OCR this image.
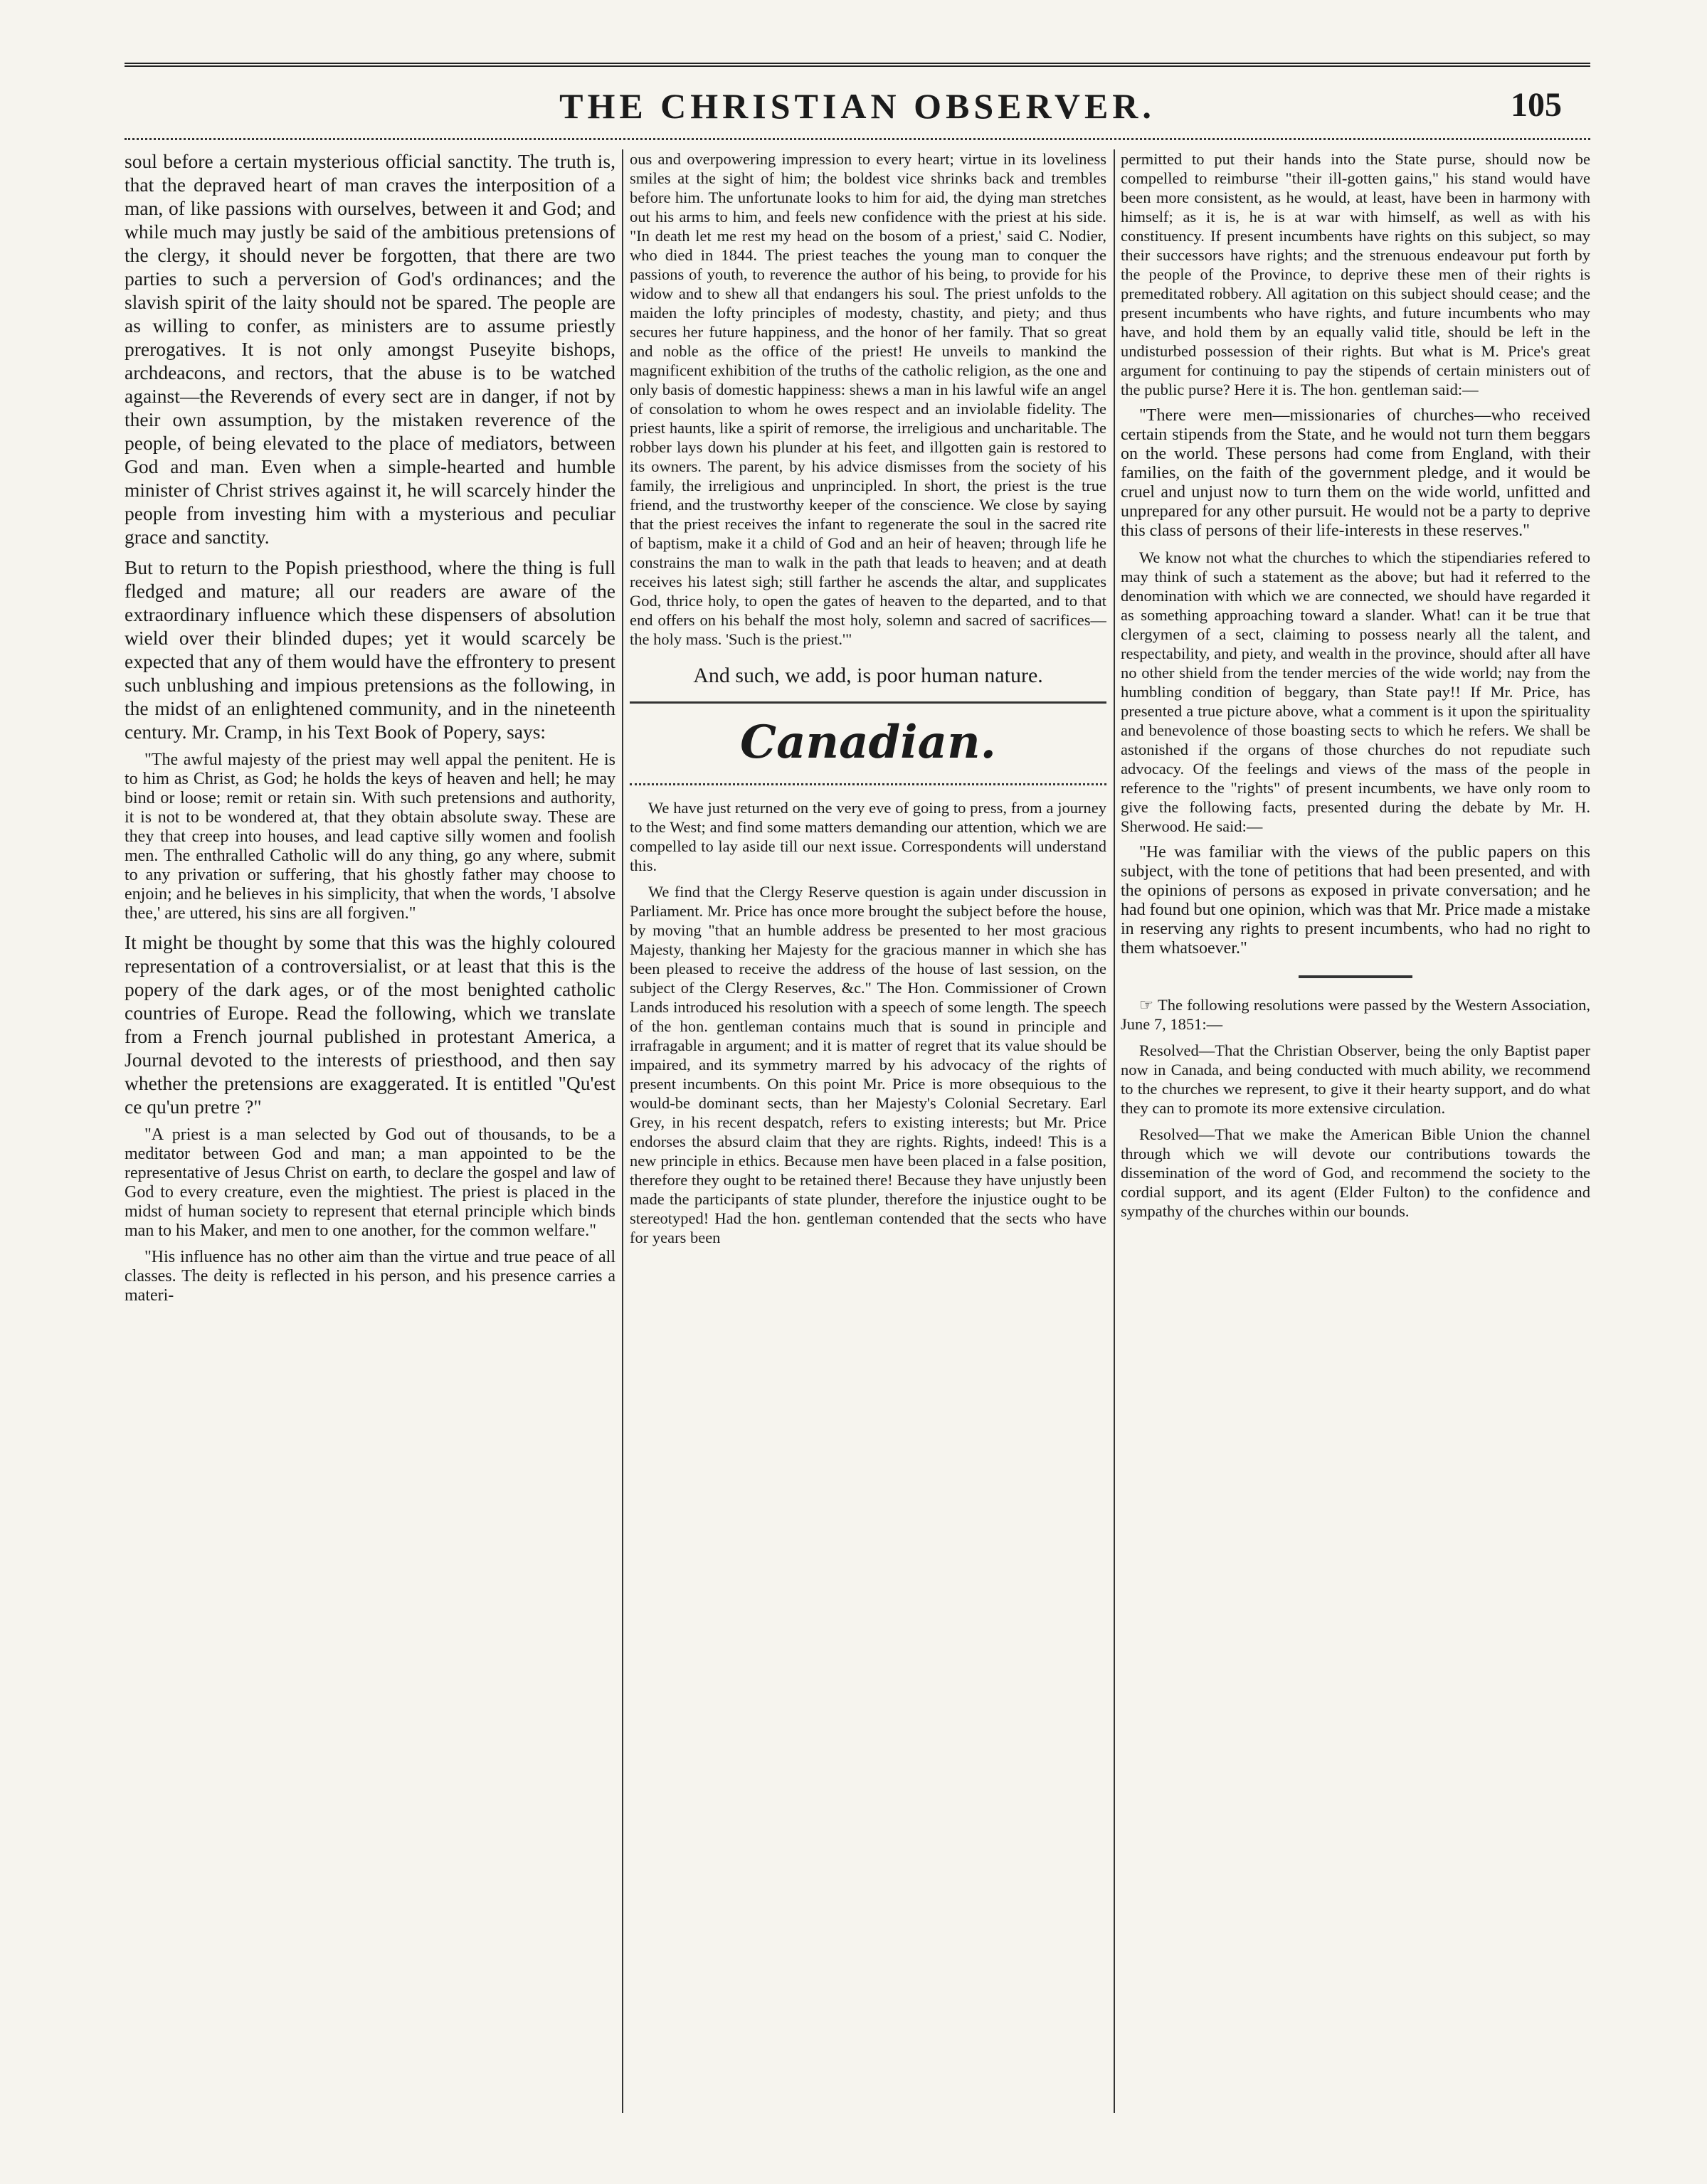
THE CHRISTIAN OBSERVER.	105

soul before a certain mysterious official sanctity. The truth is, that the depraved heart of man craves the interposition of a man, of like passions with ourselves, between it and God; and while much may justly be said of the ambitious pretensions of the clergy, it should never be forgotten, that there are two parties to such a perversion of God's ordinances; and the slavish spirit of the laity should not be spared. The people are as willing to confer, as ministers are to assume priestly prerogatives. It is not only amongst Puseyite bishops, archdeacons, and rectors, that the abuse is to be watched against—the Reverends of every sect are in danger, if not by their own assumption, by the mistaken reverence of the people, of being elevated to the place of mediators, between God and man. Even when a simple-hearted and humble minister of Christ strives against it, he will scarcely hinder the people from investing him with a mysterious and peculiar grace and sanctity.

But to return to the Popish priesthood, where the thing is full fledged and mature; all our readers are aware of the extraordinary influence which these dispensers of absolution wield over their blinded dupes; yet it would scarcely be expected that any of them would have the effrontery to present such unblushing and impious pretensions as the following, in the midst of an enlightened community, and in the nineteenth century. Mr. Cramp, in his Text Book of Popery, says:

"The awful majesty of the priest may well appal the penitent. He is to him as Christ, as God; he holds the keys of heaven and hell; he may bind or loose; remit or retain sin. With such pretensions and authority, it is not to be wondered at, that they obtain absolute sway. These are they that creep into houses, and lead captive silly women and foolish men. The enthralled Catholic will do any thing, go any where, submit to any privation or suffering, that his ghostly father may choose to enjoin; and he believes in his simplicity, that when the words, 'I absolve thee,' are uttered, his sins are all forgiven."

It might be thought by some that this was the highly coloured representation of a controversialist, or at least that this is the popery of the dark ages, or of the most benighted catholic countries of Europe. Read the following, which we translate from a French journal published in protestant America, a Journal devoted to the interests of priesthood, and then say whether the pretensions are exaggerated. It is entitled "Qu'est ce qu'un pretre ?"

"A priest is a man selected by God out of thousands, to be a meditator between God and man; a man appointed to be the representative of Jesus Christ on earth, to declare the gospel and law of God to every creature, even the mightiest. The priest is placed in the midst of human society to represent that eternal principle which binds man to his Maker, and men to one another, for the common welfare."

"His influence has no other aim than the virtue and true peace of all classes. The deity is reflected in his person, and his presence carries a materi-

ous and overpowering impression to every heart; virtue in its loveliness smiles at the sight of him; the boldest vice shrinks back and trembles before him. The unfortunate looks to him for aid, the dying man stretches out his arms to him, and feels new confidence with the priest at his side. "In death let me rest my head on the bosom of a priest,' said C. Nodier, who died in 1844. The priest teaches the young man to conquer the passions of youth, to reverence the author of his being, to provide for his widow and to shew all that endangers his soul. The priest unfolds to the maiden the lofty principles of modesty, chastity, and piety; and thus secures her future happiness, and the honor of her family. That so great and noble as the office of the priest! He unveils to mankind the magnificent exhibition of the truths of the catholic religion, as the one and only basis of domestic happiness: shews a man in his lawful wife an angel of consolation to whom he owes respect and an inviolable fidelity. The priest haunts, like a spirit of remorse, the irreligious and uncharitable. The robber lays down his plunder at his feet, and illgotten gain is restored to its owners. The parent, by his advice dismisses from the society of his family, the irreligious and unprincipled. In short, the priest is the true friend, and the trustworthy keeper of the conscience. We close by saying that the priest receives the infant to regenerate the soul in the sacred rite of baptism, make it a child of God and an heir of heaven; through life he constrains the man to walk in the path that leads to heaven; and at death receives his latest sigh; still farther he ascends the altar, and supplicates God, thrice holy, to open the gates of heaven to the departed, and to that end offers on his behalf the most holy, solemn and sacred of sacrifices—the holy mass. 'Such is the priest.'"

And such, we add, is poor human nature.
Canadian.

We have just returned on the very eve of going to press, from a journey to the West; and find some matters demanding our attention, which we are compelled to lay aside till our next issue. Correspondents will understand this.

We find that the Clergy Reserve question is again under discussion in Parliament. Mr. Price has once more brought the subject before the house, by moving "that an humble address be presented to her most gracious Majesty, thanking her Majesty for the gracious manner in which she has been pleased to receive the address of the house of last session, on the subject of the Clergy Reserves, &c." The Hon. Commissioner of Crown Lands introduced his resolution with a speech of some length. The speech of the hon. gentleman contains much that is sound in principle and irrafragable in argument; and it is matter of regret that its value should be impaired, and its symmetry marred by his advocacy of the rights of present incumbents. On this point Mr. Price is more obsequious to the would-be dominant sects, than her Majesty's Colonial Secretary. Earl Grey, in his recent despatch, refers to existing interests; but Mr. Price endorses the absurd claim that they are rights. Rights, indeed! This is a new principle in ethics. Because men have been placed in a false position, therefore they ought to be retained there! Because they have unjustly been made the participants of state plunder, therefore the injustice ought to be stereotyped! Had the hon. gentleman contended that the sects who have for years been

permitted to put their hands into the State purse, should now be compelled to reimburse "their ill-gotten gains," his stand would have been more consistent, as he would, at least, have been in harmony with himself; as it is, he is at war with himself, as well as with his constituency. If present incumbents have rights on this subject, so may their successors have rights; and the strenuous endeavour put forth by the people of the Province, to deprive these men of their rights is premeditated robbery. All agitation on this subject should cease; and the present incumbents who have rights, and future incumbents who may have, and hold them by an equally valid title, should be left in the undisturbed possession of their rights. But what is M. Price's great argument for continuing to pay the stipends of certain ministers out of the public purse? Here it is. The hon. gentleman said:—

"There were men—missionaries of churches—who received certain stipends from the State, and he would not turn them beggars on the world. These persons had come from England, with their families, on the faith of the government pledge, and it would be cruel and unjust now to turn them on the wide world, unfitted and unprepared for any other pursuit. He would not be a party to deprive this class of persons of their life-interests in these reserves."

We know not what the churches to which the stipendiaries refered to may think of such a statement as the above; but had it referred to the denomination with which we are connected, we should have regarded it as something approaching toward a slander. What! can it be true that clergymen of a sect, claiming to possess nearly all the talent, and respectability, and piety, and wealth in the province, should after all have no other shield from the tender mercies of the wide world; nay from the humbling condition of beggary, than State pay!! If Mr. Price, has presented a true picture above, what a comment is it upon the spirituality and benevolence of those boasting sects to which he refers. We shall be astonished if the organs of those churches do not repudiate such advocacy. Of the feelings and views of the mass of the people in reference to the "rights" of present incumbents, we have only room to give the following facts, presented during the debate by Mr. H. Sherwood. He said:—

"He was familiar with the views of the public papers on this subject, with the tone of petitions that had been presented, and with the opinions of persons as exposed in private conversation; and he had found but one opinion, which was that Mr. Price made a mistake in reserving any rights to present incumbents, who had no right to them whatsoever."

☞ The following resolutions were passed by the Western Association, June 7, 1851:—

Resolved—That the Christian Observer, being the only Baptist paper now in Canada, and being conducted with much ability, we recommend to the churches we represent, to give it their hearty support, and do what they can to promote its more extensive circulation.

Resolved—That we make the American Bible Union the channel through which we will devote our contributions towards the dissemination of the word of God, and recommend the society to the cordial support, and its agent (Elder Fulton) to the confidence and sympathy of the churches within our bounds.
